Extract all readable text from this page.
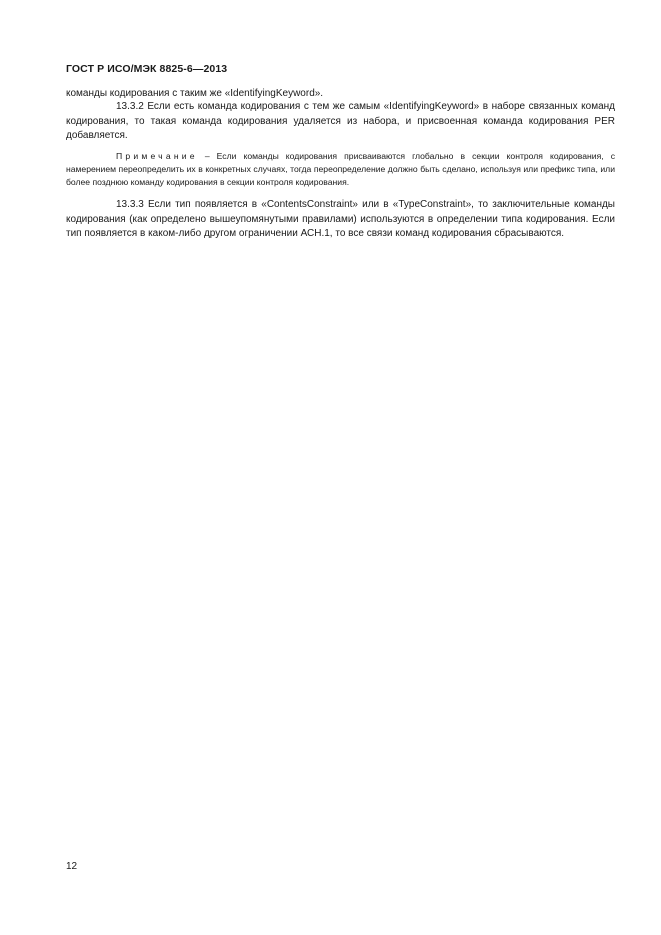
ГОСТ Р ИСО/МЭК 8825-6—2013

команды кодирования с таким же «IdentifyingKeyword».

13.3.2 Если есть команда кодирования с тем же самым «IdentifyingKeyword» в наборе связанных команд кодирования, то такая команда кодирования удаляется из набора, и присвоенная команда кодирования PER добавляется.

Примечание – Если команды кодирования присваиваются глобально в секции контроля кодирования, с намерением переопределить их в конкретных случаях, тогда переопределение должно быть сделано, используя или префикс типа, или более позднюю команду кодирования в секции контроля кодирования.

13.3.3 Если тип появляется в «ContentsConstraint» или в «TypeConstraint», то заключительные команды кодирования (как определено вышеупомянутыми правилами) используются в определении типа кодирования. Если тип появляется в каком-либо другом ограничении АСН.1, то все связи команд кодирования сбрасываются.

12
